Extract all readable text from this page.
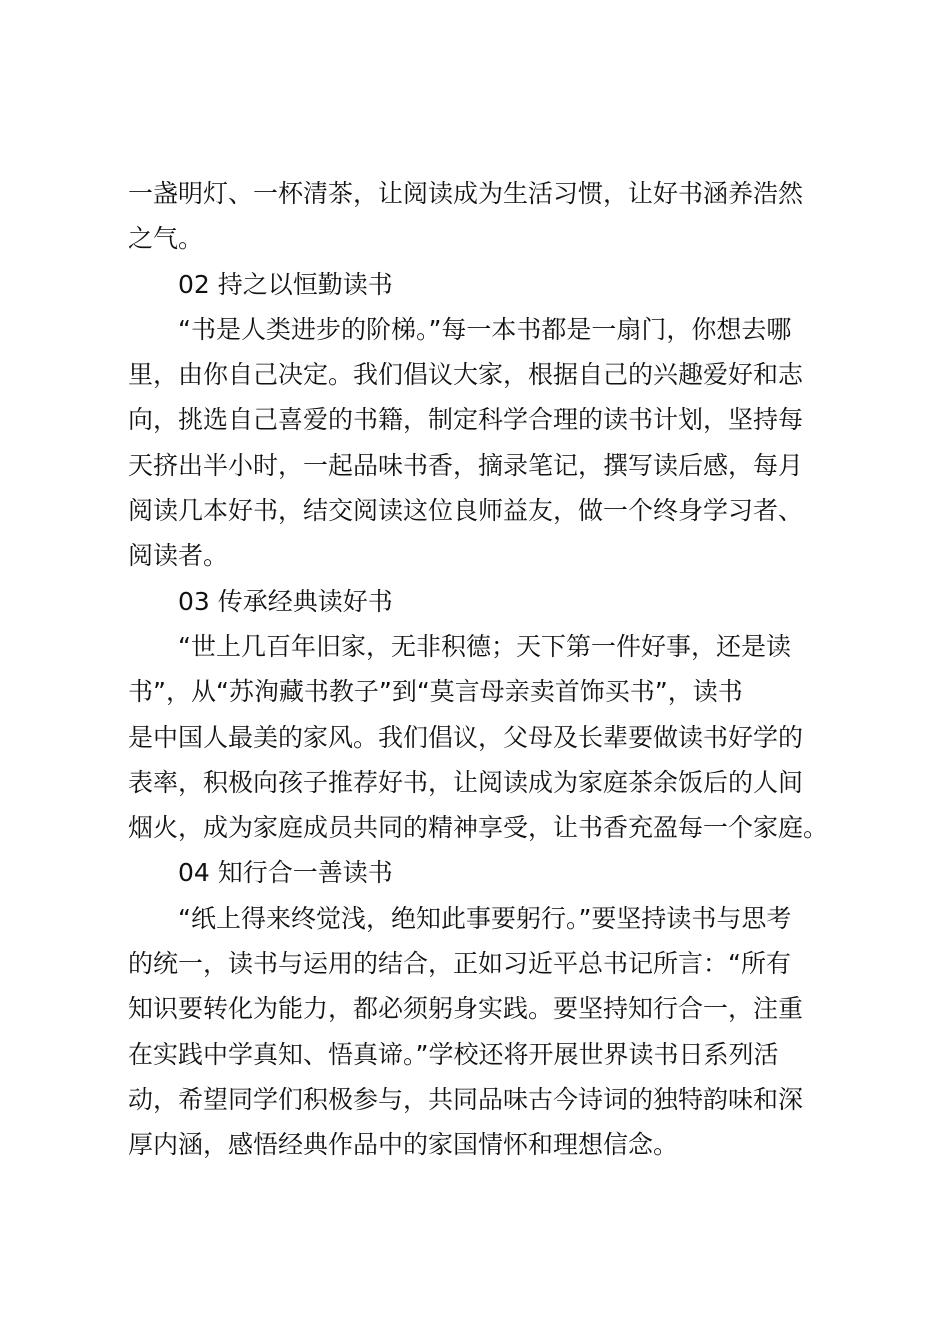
一盏明灯、一杯清茶，让阅读成为生活习惯，让好书涵养浩然
之气。
02 持之以恒勤读书
“书是人类进步的阶梯。”每一本书都是一扇门，你想去哪
里，由你自己决定。我们倡议大家，根据自己的兴趣爱好和志
向，挑选自己喜爱的书籍，制定科学合理的读书计划，坚持每
天挤出半小时，一起品味书香，摘录笔记，撰写读后感，每月
阅读几本好书，结交阅读这位良师益友，做一个终身学习者、
阅读者。
03 传承经典读好书
“世上几百年旧家，无非积德；天下第一件好事，还是读
书”，从“苏洵藏书教子”到“莫言母亲卖首饰买书”，读书
是中国人最美的家风。我们倡议，父母及长辈要做读书好学的
表率，积极向孩子推荐好书，让阅读成为家庭茶余饭后的人间
烟火，成为家庭成员共同的精神享受，让书香充盈每一个家庭。
04 知行合一善读书
“纸上得来终觉浅，绝知此事要躬行。”要坚持读书与思考
的统一，读书与运用的结合，正如习近平总书记所言：“所有
知识要转化为能力，都必须躬身实践。要坚持知行合一，注重
在实践中学真知、悟真谛。”学校还将开展世界读书日系列活
动，希望同学们积极参与，共同品味古今诗词的独特韵味和深
厚内涵，感悟经典作品中的家国情怀和理想信念。
